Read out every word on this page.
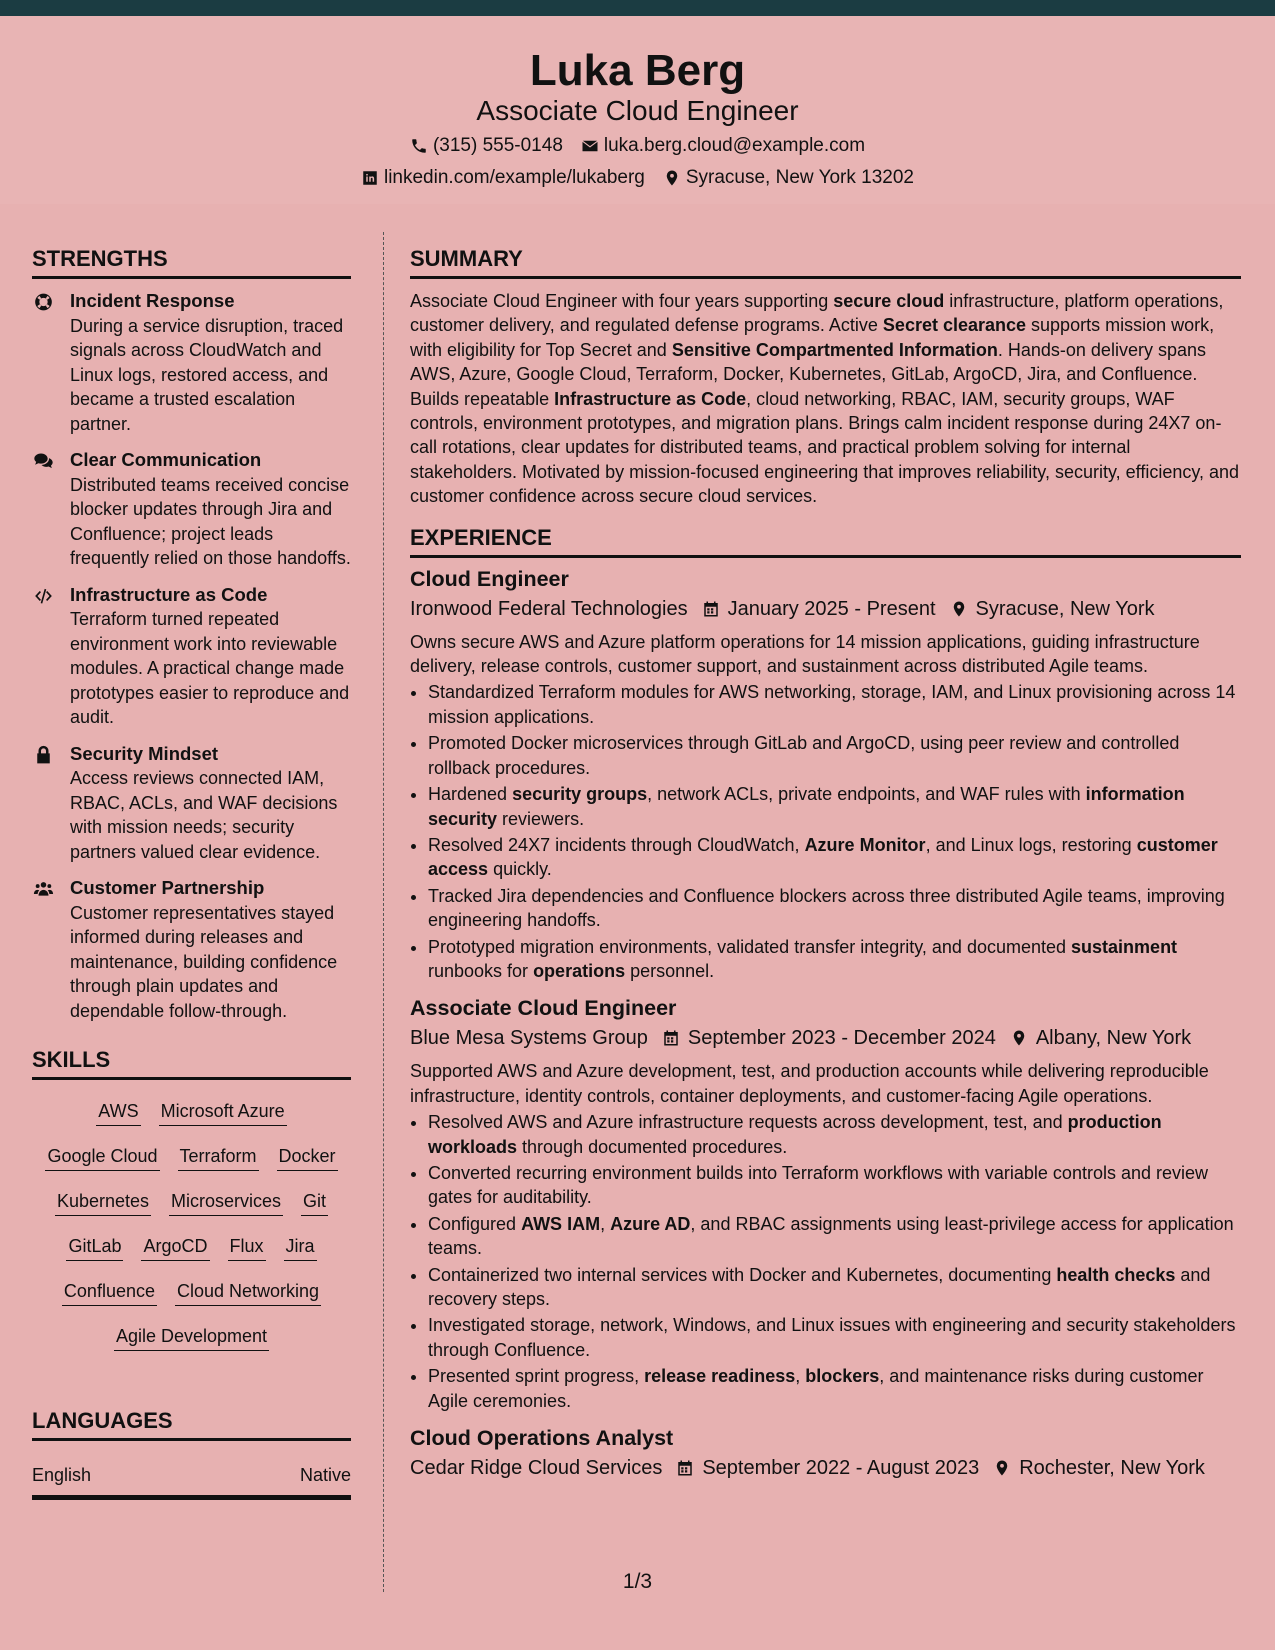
Luka Berg
Associate Cloud Engineer
(315) 555-0148 luka.berg.cloud@example.com
linkedin.com/example/lukaberg Syracuse, New York 13202
STRENGTHS
Incident Response
During a service disruption, traced signals across CloudWatch and Linux logs, restored access, and became a trusted escalation partner.
Clear Communication
Distributed teams received concise blocker updates through Jira and Confluence; project leads frequently relied on those handoffs.
Infrastructure as Code
Terraform turned repeated environment work into reviewable modules. A practical change made prototypes easier to reproduce and audit.
Security Mindset
Access reviews connected IAM, RBAC, ACLs, and WAF decisions with mission needs; security partners valued clear evidence.
Customer Partnership
Customer representatives stayed informed during releases and maintenance, building confidence through plain updates and dependable follow-through.
SKILLS
AWS Microsoft Azure
Google Cloud Terraform Docker
Kubernetes Microservices Git
GitLab ArgoCD Flux Jira
Confluence Cloud Networking
Agile Development
LANGUAGES
English	Native
SUMMARY

Associate Cloud Engineer with four years supporting secure cloud infrastructure, platform operations, customer delivery, and regulated defense programs. Active Secret clearance supports mission work, with eligibility for Top Secret and Sensitive Compartmented Information. Hands-on delivery spans AWS, Azure, Google Cloud, Terraform, Docker, Kubernetes, GitLab, ArgoCD, Jira, and Confluence. Builds repeatable Infrastructure as Code, cloud networking, RBAC, IAM, security groups, WAF controls, environment prototypes, and migration plans. Brings calm incident response during 24X7 on-call rotations, clear updates for distributed teams, and practical problem solving for internal stakeholders. Motivated by mission-focused engineering that improves reliability, security, efficiency, and customer confidence across secure cloud services.

EXPERIENCE
Cloud Engineer
Ironwood Federal Technologies January 2025 - Present Syracuse, New York

Owns secure AWS and Azure platform operations for 14 mission applications, guiding infrastructure delivery, release controls, customer support, and sustainment across distributed Agile teams.

• Standardized Terraform modules for AWS networking, storage, IAM, and Linux provisioning across 14 mission applications.
• Promoted Docker microservices through GitLab and ArgoCD, using peer review and controlled rollback procedures.
• Hardened security groups, network ACLs, private endpoints, and WAF rules with information security reviewers.
• Resolved 24X7 incidents through CloudWatch, Azure Monitor, and Linux logs, restoring customer access quickly.
• Tracked Jira dependencies and Confluence blockers across three distributed Agile teams, improving engineering handoffs.
• Prototyped migration environments, validated transfer integrity, and documented sustainment runbooks for operations personnel.
Associate Cloud Engineer
Blue Mesa Systems Group September 2023 - December 2024 Albany, New York

Supported AWS and Azure development, test, and production accounts while delivering reproducible infrastructure, identity controls, container deployments, and customer-facing Agile operations.

• Resolved AWS and Azure infrastructure requests across development, test, and production workloads through documented procedures.
• Converted recurring environment builds into Terraform workflows with variable controls and review gates for auditability.
• Configured AWS IAM, Azure AD, and RBAC assignments using least-privilege access for application teams.
• Containerized two internal services with Docker and Kubernetes, documenting health checks and recovery steps.
• Investigated storage, network, Windows, and Linux issues with engineering and security stakeholders through Confluence.
• Presented sprint progress, release readiness, blockers, and maintenance risks during customer Agile ceremonies.
Cloud Operations Analyst
Cedar Ridge Cloud Services September 2022 - August 2023 Rochester, New York
1/3
